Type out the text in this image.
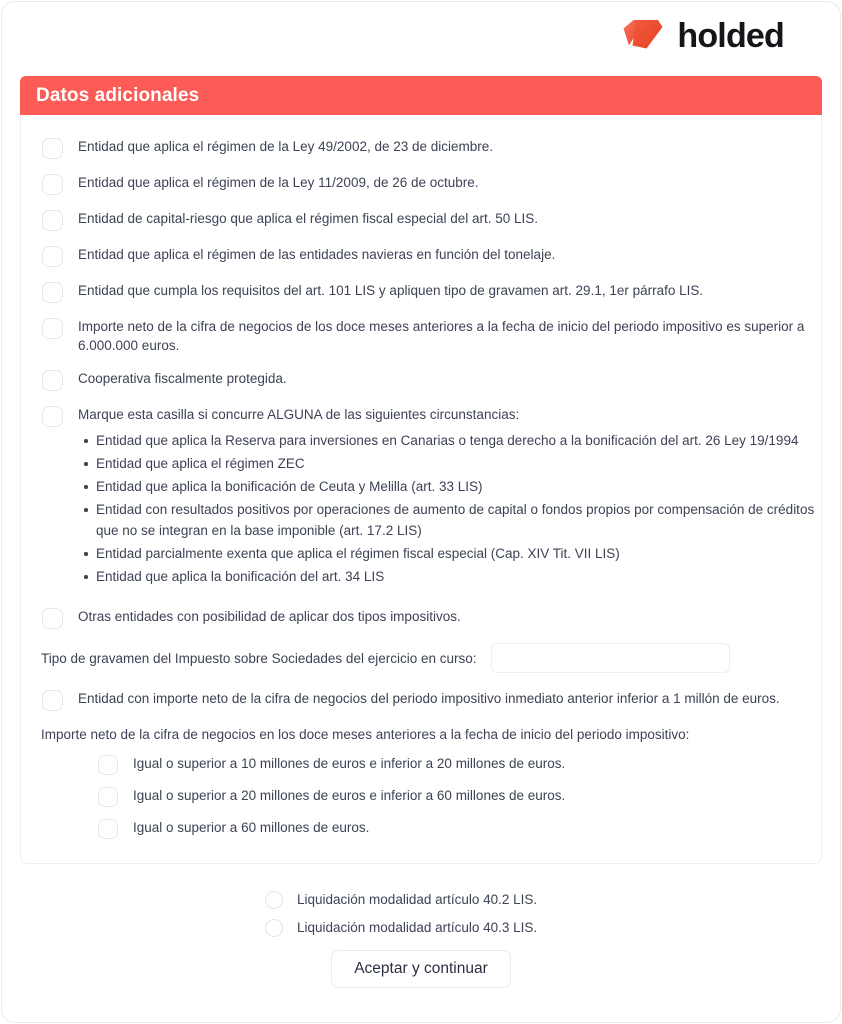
holded
Datos adicionales
Entidad que aplica el régimen de la Ley 49/2002, de 23 de diciembre.
Entidad que aplica el régimen de la Ley 11/2009, de 26 de octubre.
Entidad de capital-riesgo que aplica el régimen fiscal especial del art. 50 LIS.
Entidad que aplica el régimen de las entidades navieras en función del tonelaje.
Entidad que cumpla los requisitos del art. 101 LIS y apliquen tipo de gravamen art. 29.1, 1er párrafo LIS.
Importe neto de la cifra de negocios de los doce meses anteriores a la fecha de inicio del periodo impositivo es superior a 6.000.000 euros.
Cooperativa fiscalmente protegida.
Marque esta casilla si concurre ALGUNA de las siguientes circunstancias:
Entidad que aplica la Reserva para inversiones en Canarias o tenga derecho a la bonificación del art. 26 Ley 19/1994
Entidad que aplica el régimen ZEC
Entidad que aplica la bonificación de Ceuta y Melilla (art. 33 LIS)
Entidad con resultados positivos por operaciones de aumento de capital o fondos propios por compensación de créditos que no se integran en la base imponible (art. 17.2 LIS)
Entidad parcialmente exenta que aplica el régimen fiscal especial (Cap. XIV Tit. VII LIS)
Entidad que aplica la bonificación del art. 34 LIS
Otras entidades con posibilidad de aplicar dos tipos impositivos.
Tipo de gravamen del Impuesto sobre Sociedades del ejercicio en curso:
Entidad con importe neto de la cifra de negocios del periodo impositivo inmediato anterior inferior a 1 millón de euros.
Importe neto de la cifra de negocios en los doce meses anteriores a la fecha de inicio del periodo impositivo:
Igual o superior a 10 millones de euros e inferior a 20 millones de euros.
Igual o superior a 20 millones de euros e inferior a 60 millones de euros.
Igual o superior a 60 millones de euros.
Liquidación modalidad artículo 40.2 LIS.
Liquidación modalidad artículo 40.3 LIS.
Aceptar y continuar
